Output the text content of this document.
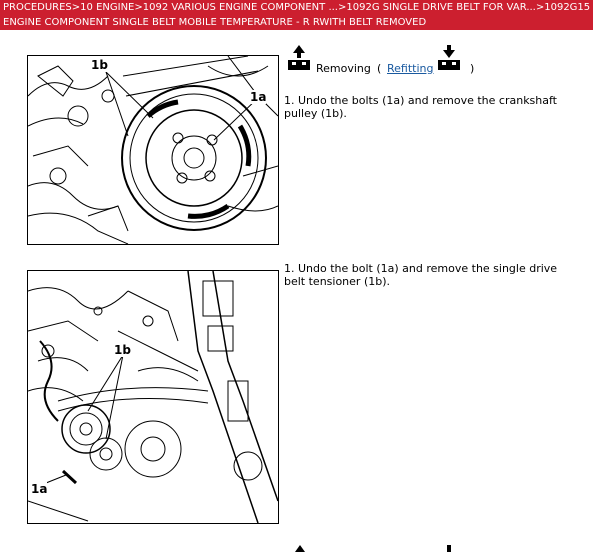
PROCEDURES>10 ENGINE>1092 VARIOUS ENGINE COMPONENT ...>1092G SINGLE DRIVE BELT FOR VAR...>1092G15
ENGINE COMPONENT SINGLE BELT MOBILE TEMPERATURE - R RWITH BELT REMOVED
1b
1a
Removing ( Refitting	)
1. Undo the bolts (1a) and remove the crankshaft pulley (1b).
1b
1a
1. Undo the bolt (1a) and remove the single drive belt tensioner (1b).
